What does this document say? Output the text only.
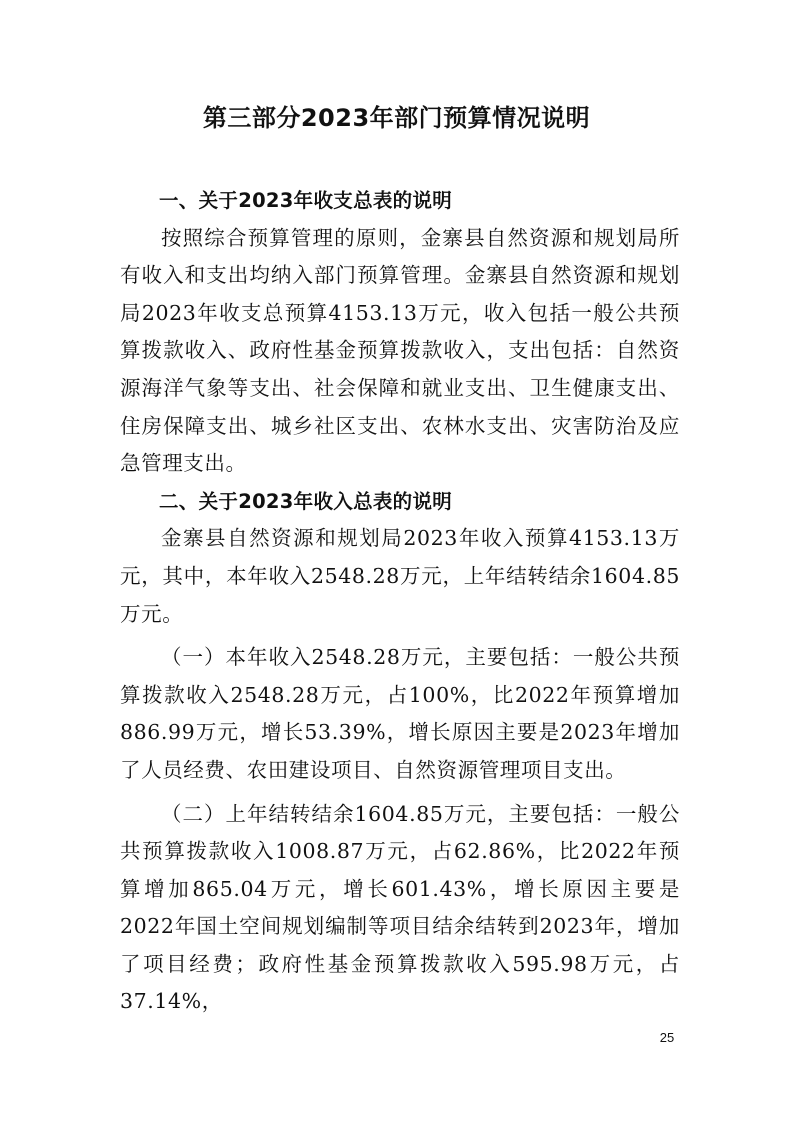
第三部分2023年部门预算情况说明

一、关于2023年收支总表的说明

按照综合预算管理的原则，金寨县自然资源和规划局所有收入和支出均纳入部门预算管理。金寨县自然资源和规划局2023年收支总预算4153.13万元，收入包括一般公共预算拨款收入、政府性基金预算拨款收入，支出包括：自然资源海洋气象等支出、社会保障和就业支出、卫生健康支出、住房保障支出、城乡社区支出、农林水支出、灾害防治及应急管理支出。

二、关于2023年收入总表的说明

金寨县自然资源和规划局2023年收入预算4153.13万元，其中，本年收入2548.28万元，上年结转结余1604.85万元。

（一）本年收入2548.28万元，主要包括：一般公共预算拨款收入2548.28万元，占100%，比2022年预算增加886.99万元，增长53.39%，增长原因主要是2023年增加了人员经费、农田建设项目、自然资源管理项目支出。

（二）上年结转结余1604.85万元，主要包括：一般公共预算拨款收入1008.87万元，占62.86%，比2022年预算增加865.04万元，增长601.43%，增长原因主要是2022年国土空间规划编制等项目结余结转到2023年，增加了项目经费；政府性基金预算拨款收入595.98万元，占37.14%，

25
